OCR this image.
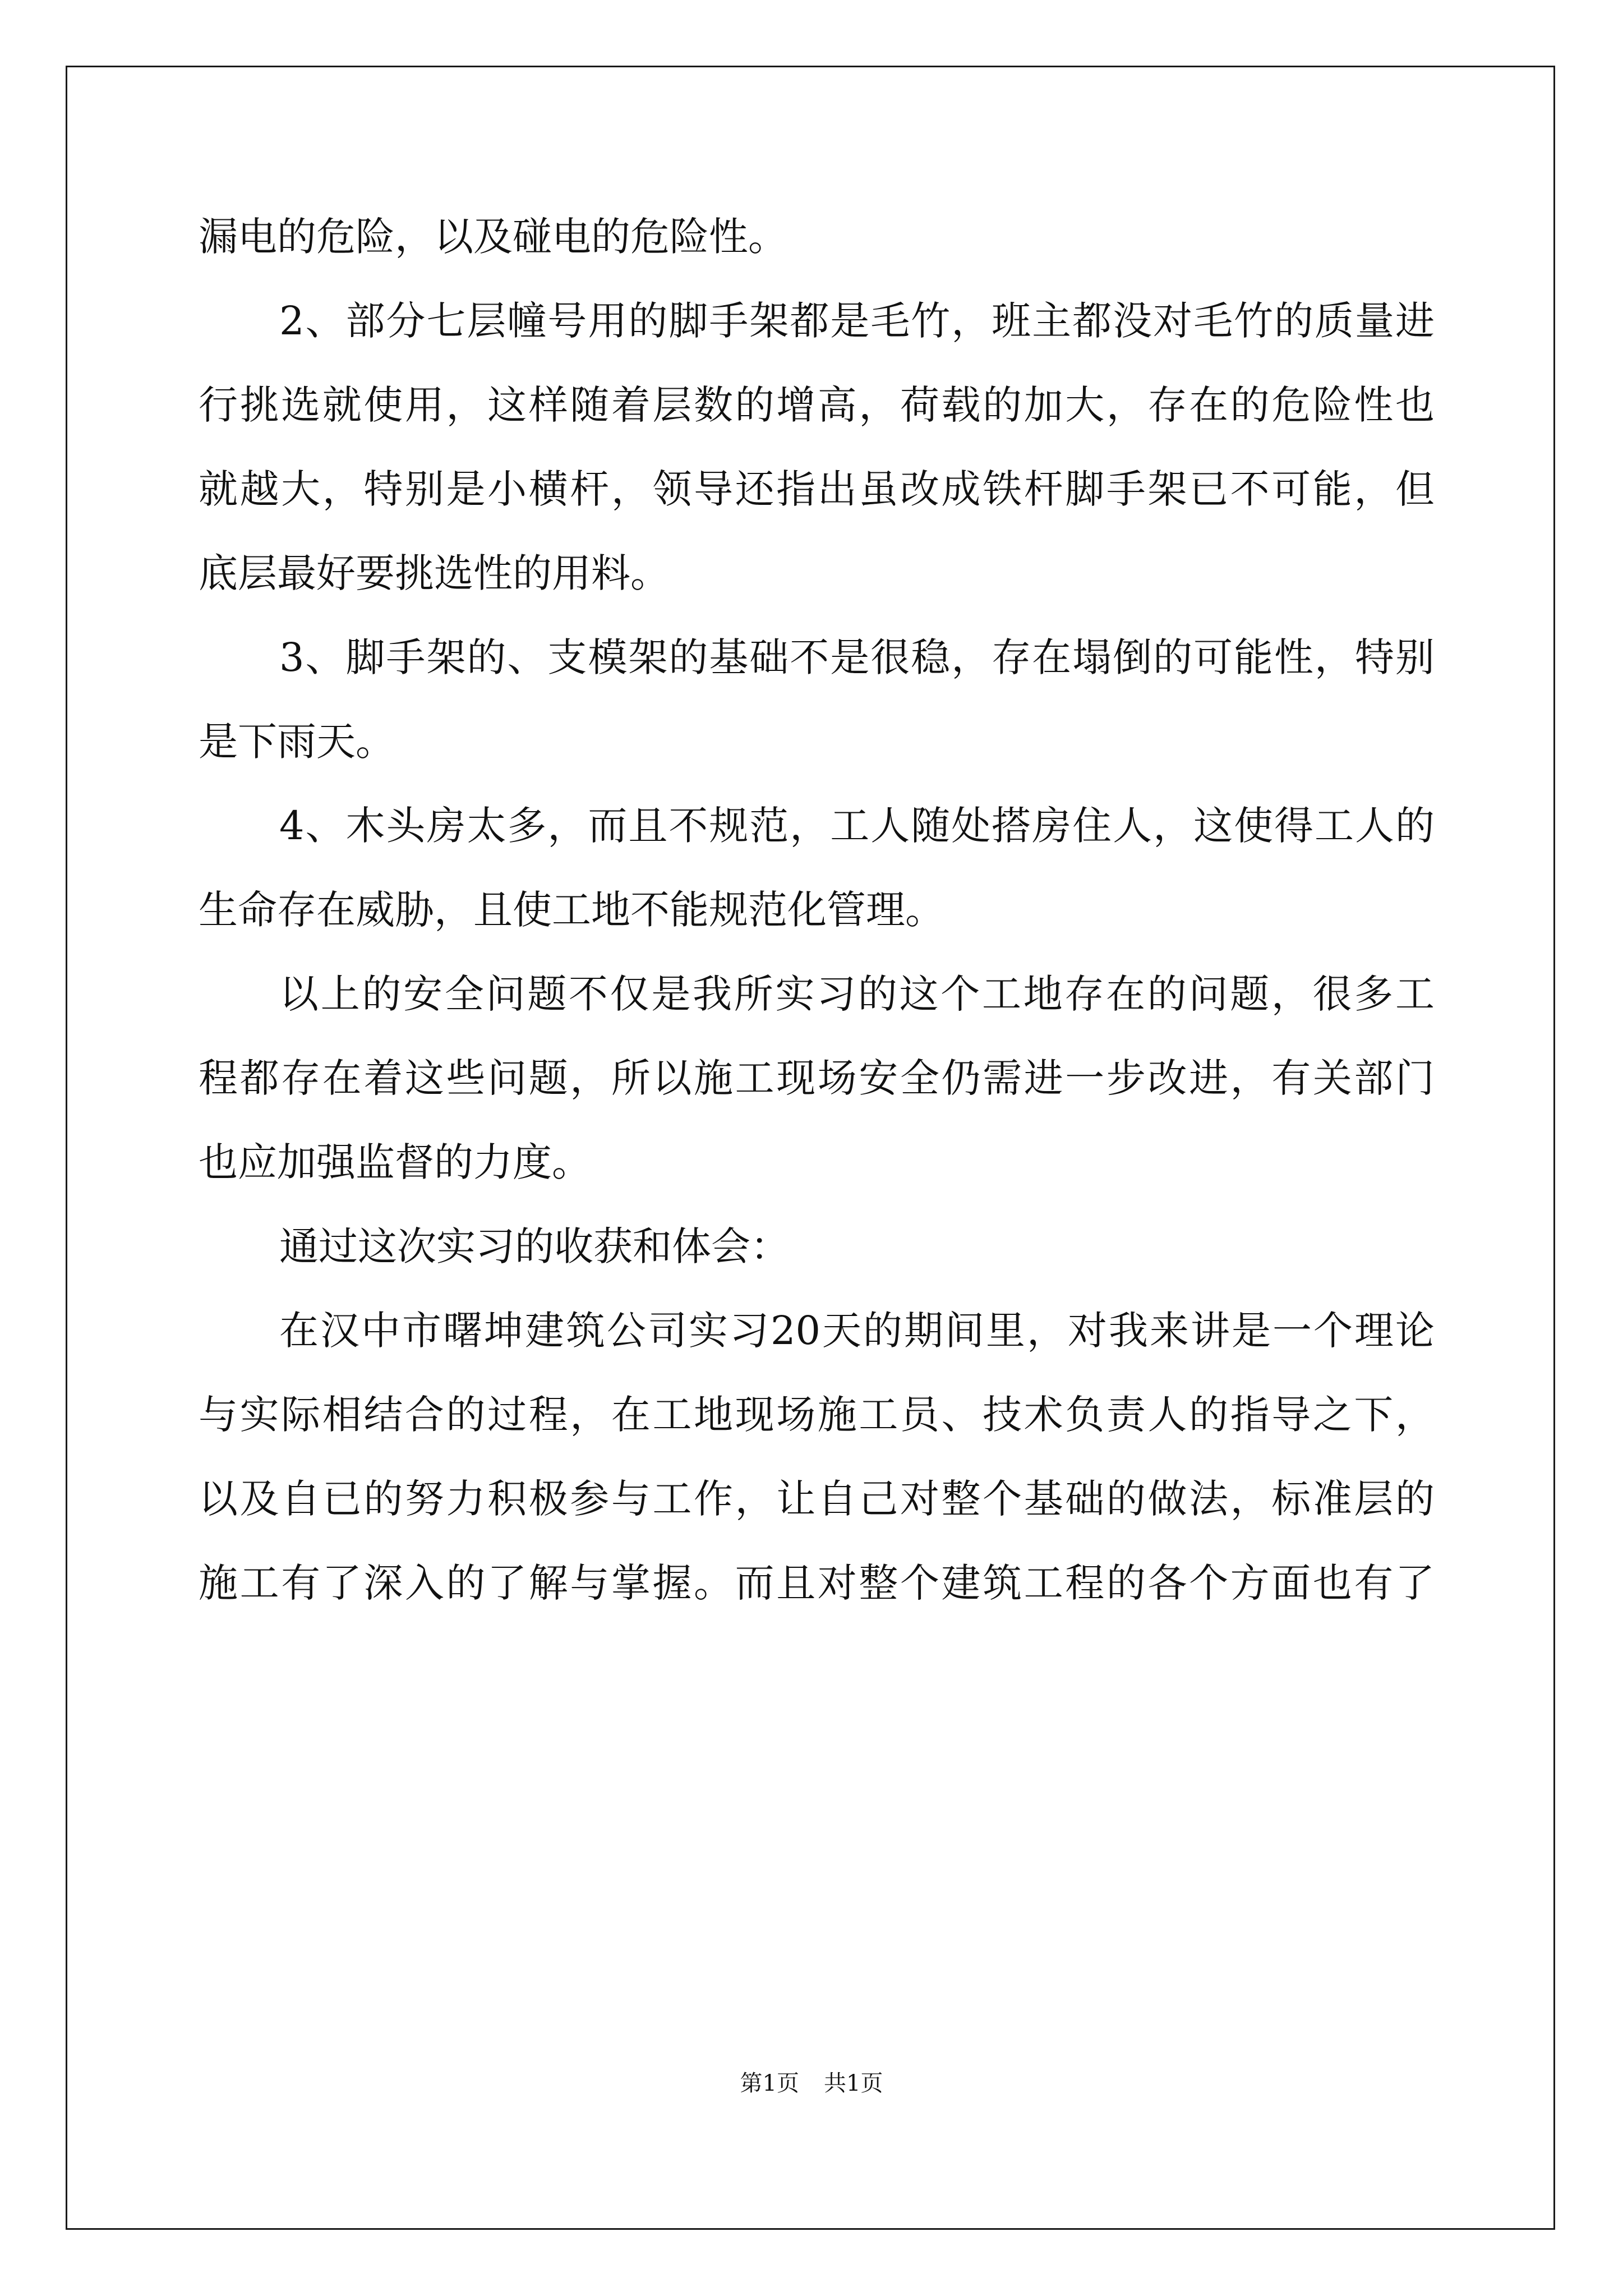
漏电的危险，以及碰电的危险性。
2、部分七层幢号用的脚手架都是毛竹，班主都没对毛竹的质量进
行挑选就使用，这样随着层数的增高，荷载的加大，存在的危险性也
就越大，特别是小横杆，领导还指出虽改成铁杆脚手架已不可能，但
底层最好要挑选性的用料。
3、脚手架的、支模架的基础不是很稳，存在塌倒的可能性，特别
是下雨天。
4、木头房太多，而且不规范，工人随处搭房住人，这使得工人的
生命存在威胁，且使工地不能规范化管理。
以上的安全问题不仅是我所实习的这个工地存在的问题，很多工
程都存在着这些问题，所以施工现场安全仍需进一步改进，有关部门
也应加强监督的力度。
通过这次实习的收获和体会：
在汉中市曙坤建筑公司实习20天的期间里，对我来讲是一个理论
与实际相结合的过程，在工地现场施工员、技术负责人的指导之下，
以及自已的努力积极参与工作，让自己对整个基础的做法，标准层的
施工有了深入的了解与掌握。而且对整个建筑工程的各个方面也有了
第1页 共1页
